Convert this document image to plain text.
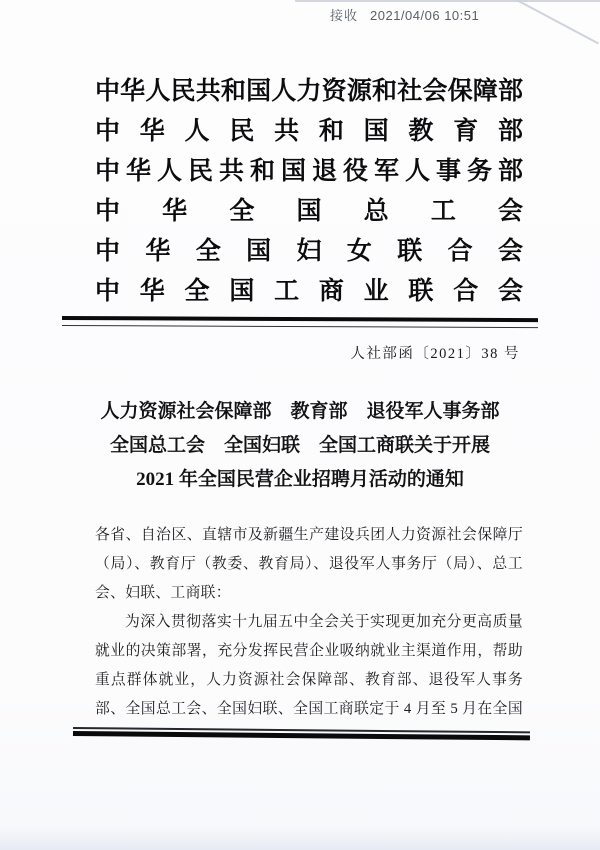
接收 2021/04/06 10:51
中华人民共和国人力资源和社会保障部
中华人民共和国教育部
中华人民共和国退役军人事务部
中华全国总工会
中华全国妇女联合会
中华全国工商业联合会
人社部函〔2021〕38 号
人力资源社会保障部　教育部　退役军人事务部
全国总工会　全国妇联　全国工商联关于开展
2021 年全国民营企业招聘月活动的通知
各省、自治区、直辖市及新疆生产建设兵团人力资源社会保障厅
（局）、教育厅（教委、教育局）、退役军人事务厅（局）、总工
会、妇联、工商联：
为深入贯彻落实十九届五中全会关于实现更加充分更高质量
就业的决策部署，充分发挥民营企业吸纳就业主渠道作用，帮助
重点群体就业，人力资源社会保障部、教育部、退役军人事务
部、全国总工会、全国妇联、全国工商联定于 4 月至 5 月在全国
